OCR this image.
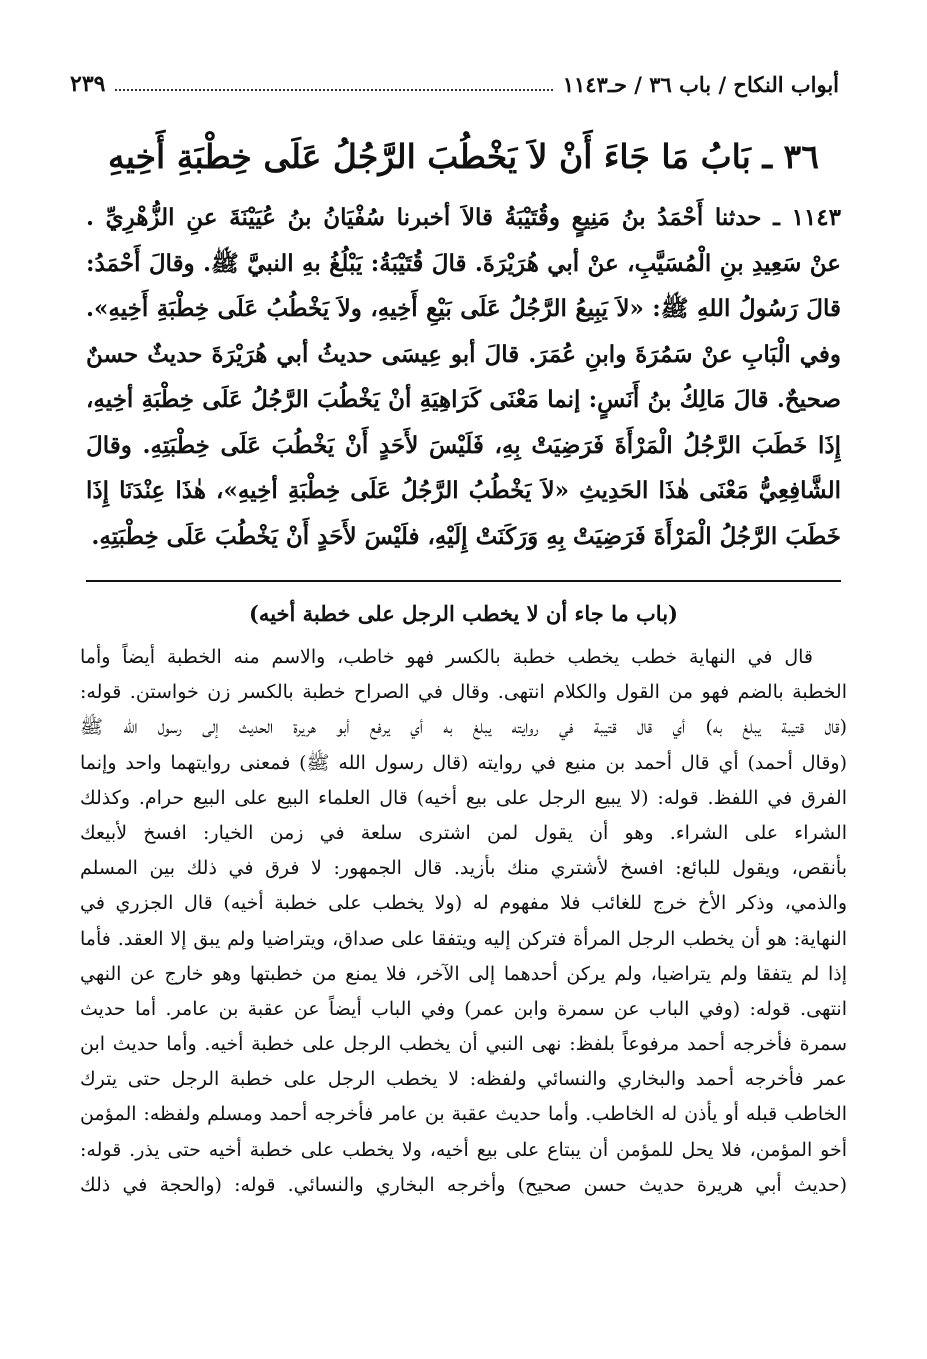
أبواب النكاح / باب ٣٦ / حـ١١٤٣
٢٣٩
٣٦ ـ بَابُ مَا جَاءَ أَنْ لاَ يَخْطُبَ الرَّجُلُ عَلَى خِطْبَةِ أَخِيهِ
١١٤٣ ـ حدثنا أَحْمَدُ بنُ مَنِيعٍ وقُتَيْبَةُ قالاَ أخبرنا سُفْيَانُ بنُ عُيَيْنَةَ عنِ الزُّهْرِيِّ .
عنْ سَعِيدِ بنِ الْمُسَيَّبِ، عنْ أبي هُرَيْرَةَ. قالَ قُتَيْبَةُ: يَبْلُغُ بهِ النبيَّ ﷺ. وقالَ أَحْمَدُ:
قالَ رَسُولُ اللهِ ﷺ: «لاَ يَبِيعُ الرَّجُلُ عَلَى بَيْعِ أَخِيهِ، ولاَ يَخْطُبُ عَلَى خِطْبَةِ أَخِيهِ».
وفي الْبَابِ عنْ سَمُرَةَ وابنِ عُمَرَ. قالَ أبو عِيسَى حديثُ أبي هُرَيْرَةَ حديثٌ حسنٌ
صحيحٌ. قالَ مَالِكُ بنُ أَنَسٍ: إنما مَعْنَى كَرَاهِيَةِ أنْ يَخْطُبَ الرَّجُلُ عَلَى خِطْبَةِ أخِيهِ،
إِذَا خَطَبَ الرَّجُلُ الْمَرْأَةَ فَرَضِيَتْ بِهِ، فَلَيْسَ لأَحَدٍ أَنْ يَخْطُبَ عَلَى خِطْبَتِهِ. وقالَ
الشَّافِعِيُّ مَعْنَى هٰذَا الحَدِيثِ «لاَ يَخْطُبُ الرَّجُلُ عَلَى خِطْبَةِ أخِيهِ»، هٰذَا عِنْدَنَا إِذَا
خَطَبَ الرَّجُلُ الْمَرْأَةَ فَرَضِيَتْ بِهِ وَرَكَنَتْ إِلَيْهِ، فلَيْسَ لأَحَدٍ أَنْ يَخْطُبَ عَلَى خِطْبَتِهِ.
(باب ما جاء أن لا يخطب الرجل على خطبة أخيه)
قال في النهاية خطب يخطب خطبة بالكسر فهو خاطب، والاسم منه الخطبة أيضاً وأما
الخطبة بالضم فهو من القول والكلام انتهى. وقال في الصراح خطبة بالكسر زن خواستن. قوله:
(قال قتيبة يبلغ به) أي قال قتيبة في روايته يبلغ به أي يرفع أبو هريرة الحديث إلى رسول الله ﷺ
(وقال أحمد) أي قال أحمد بن منيع في روايته (قال رسول الله ﷺ) فمعنى روايتهما واحد وإنما
الفرق في اللفظ. قوله: (لا يبيع الرجل على بيع أخيه) قال العلماء البيع على البيع حرام. وكذلك
الشراء على الشراء. وهو أن يقول لمن اشترى سلعة في زمن الخيار: افسخ لأبيعك
بأنقص، ويقول للبائع: افسخ لأشتري منك بأزيد. قال الجمهور: لا فرق في ذلك بين المسلم
والذمي، وذكر الأخ خرج للغائب فلا مفهوم له (ولا يخطب على خطبة أخيه) قال الجزري في
النهاية: هو أن يخطب الرجل المرأة فتركن إليه ويتفقا على صداق، ويتراضيا ولم يبق إلا العقد. فأما
إذا لم يتفقا ولم يتراضيا، ولم يركن أحدهما إلى الآخر، فلا يمنع من خطبتها وهو خارج عن النهي
انتهى. قوله: (وفي الباب عن سمرة وابن عمر) وفي الباب أيضاً عن عقبة بن عامر. أما حديث
سمرة فأخرجه أحمد مرفوعاً بلفظ: نهى النبي أن يخطب الرجل على خطبة أخيه. وأما حديث ابن
عمر فأخرجه أحمد والبخاري والنسائي ولفظه: لا يخطب الرجل على خطبة الرجل حتى يترك
الخاطب قبله أو يأذن له الخاطب. وأما حديث عقبة بن عامر فأخرجه أحمد ومسلم ولفظه: المؤمن
أخو المؤمن، فلا يحل للمؤمن أن يبتاع على بيع أخيه، ولا يخطب على خطبة أخيه حتى يذر. قوله:
(حديث أبي هريرة حديث حسن صحيح) وأخرجه البخاري والنسائي. قوله: (والحجة في ذلك
